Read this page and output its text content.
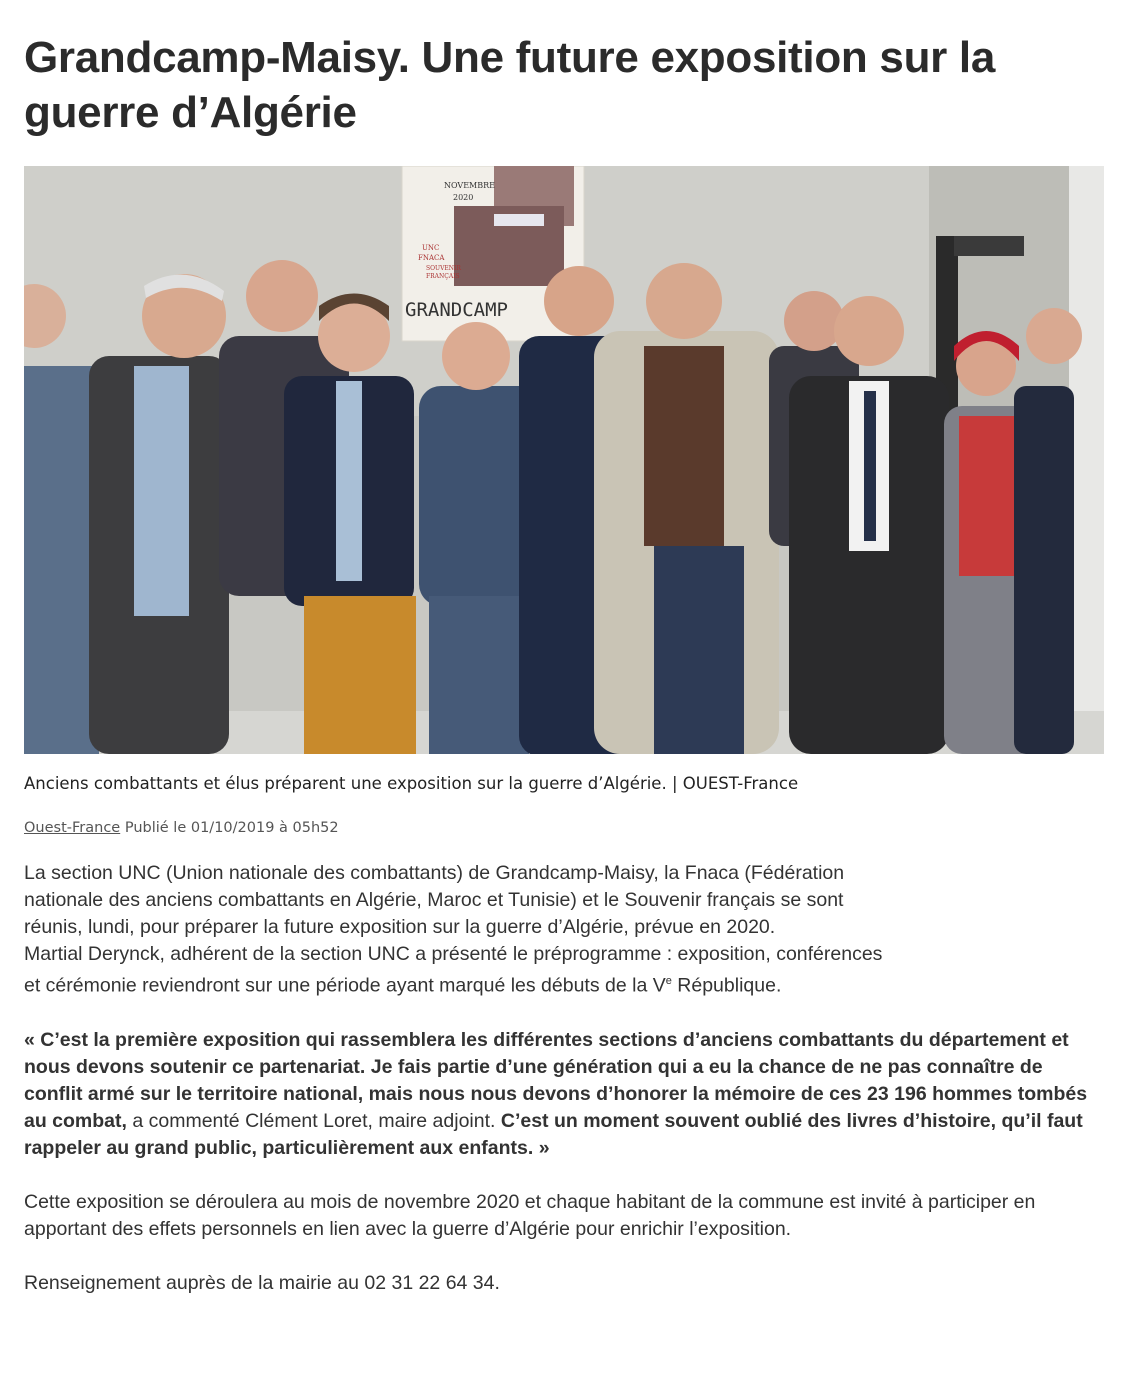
Grandcamp-Maisy. Une future exposition sur la guerre d’Algérie
NOVEMBRE
2020
UNC
FNACA
SOUVENIR
FRANÇAIS
GRANDCAMP
Anciens combattants et élus préparent une exposition sur la guerre d’Algérie. | OUEST-France
Ouest-France Publié le 01/10/2019 à 05h52

La section UNC (Union nationale des combattants) de Grandcamp-Maisy, la Fnaca (Fédération
nationale des anciens combattants en Algérie, Maroc et Tunisie) et le Souvenir français se sont
réunis, lundi, pour préparer la future exposition sur la guerre d’Algérie, prévue en 2020.
Martial Derynck, adhérent de la section UNC a présenté le préprogramme : exposition, conférences
et cérémonie reviendront sur une période ayant marqué les débuts de la Ve République.

« C’est la première exposition qui rassemblera les différentes sections d’anciens combattants du département et nous devons soutenir ce partenariat. Je fais partie d’une génération qui a eu la chance de ne pas connaître de conflit armé sur le territoire national, mais nous nous devons d’honorer la mémoire de ces 23 196 hommes tombés au combat, a commenté Clément Loret, maire adjoint. C’est un moment souvent oublié des livres d’histoire, qu’il faut rappeler au grand public, particulièrement aux enfants. »

Cette exposition se déroulera au mois de novembre 2020 et chaque habitant de la commune est invité à participer en apportant des effets personnels en lien avec la guerre d’Algérie pour enrichir l’exposition.

Renseignement auprès de la mairie au 02 31 22 64 34.
